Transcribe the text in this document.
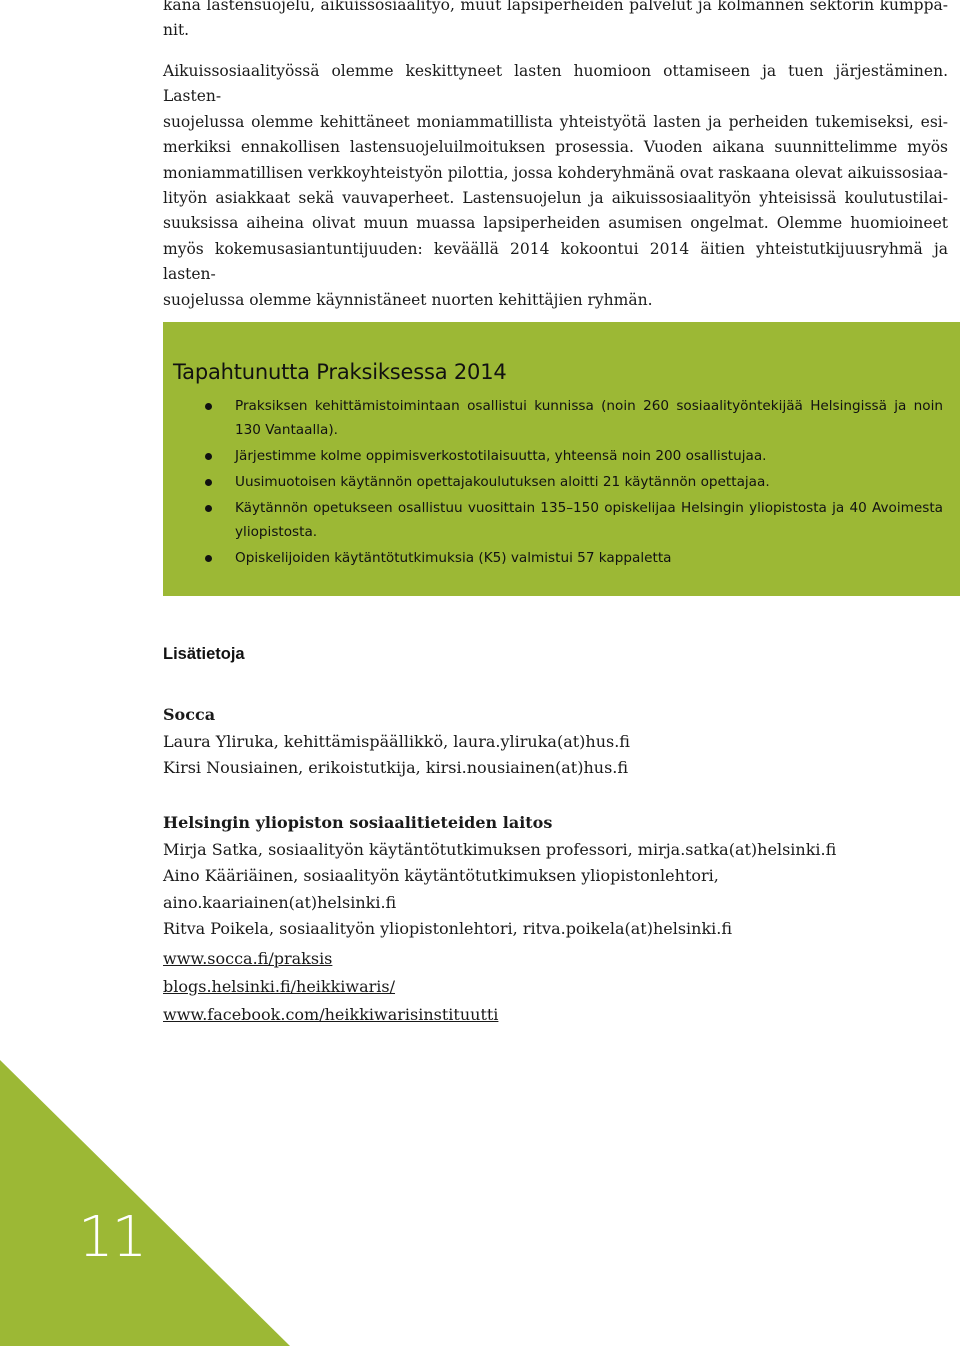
kana lastensuojelu, aikuissosiaalityö, muut lapsiperheiden palvelut ja kolmannen sektorin kumppa-

nit.

Aikuissosiaalityössä olemme keskittyneet lasten huomioon ottamiseen ja tuen järjestäminen. Lasten-

suojelussa olemme kehittäneet moniammatillista yhteistyötä lasten ja perheiden tukemiseksi, esi-

merkiksi ennakollisen lastensuojeluilmoituksen prosessia. Vuoden aikana suunnittelimme myös

moniammatillisen verkkoyhteistyön pilottia, jossa kohderyhmänä ovat raskaana olevat aikuissosiaa-

lityön asiakkaat sekä vauvaperheet. Lastensuojelun ja aikuissosiaalityön yhteisissä koulutustilai-

suuksissa aiheina olivat muun muassa lapsiperheiden asumisen ongelmat. Olemme huomioineet

myös kokemusasiantuntijuuden: keväällä 2014 kokoontui 2014 äitien yhteistutkijuusryhmä ja lasten-

suojelussa olemme käynnistäneet nuorten kehittäjien ryhmän.

Tapahtunutta Praksiksessa 2014
Praksiksen kehittämistoimintaan osallistui kunnissa (noin 260 sosiaalityöntekijää Helsingissä ja noin 130 Vantaalla).
Järjestimme kolme oppimisverkostotilaisuutta, yhteensä noin 200 osallistujaa.
Uusimuotoisen käytännön opettajakoulutuksen aloitti 21 käytännön opettajaa.
Käytännön opetukseen osallistuu vuosittain 135–150 opiskelijaa Helsingin yliopistosta ja 40 Avoimesta yliopistosta.
Opiskelijoiden käytäntötutkimuksia (K5) valmistui 57 kappaletta
Lisätietoja

Socca

Laura Yliruka, kehittämispäällikkö, laura.yliruka(at)hus.fi

Kirsi Nousiainen, erikoistutkija, kirsi.nousiainen(at)hus.fi

Helsingin yliopiston sosiaalitieteiden laitos

Mirja Satka, sosiaalityön käytäntötutkimuksen professori, mirja.satka(at)helsinki.fi

Aino Kääriäinen, sosiaalityön käytäntötutkimuksen yliopistonlehtori, aino.kaariainen(at)helsinki.fi

Ritva Poikela, sosiaalityön yliopistonlehtori, ritva.poikela(at)helsinki.fi

www.socca.fi/praksis
blogs.helsinki.fi/heikkiwaris/
www.facebook.com/heikkiwarisinstituutti
11
